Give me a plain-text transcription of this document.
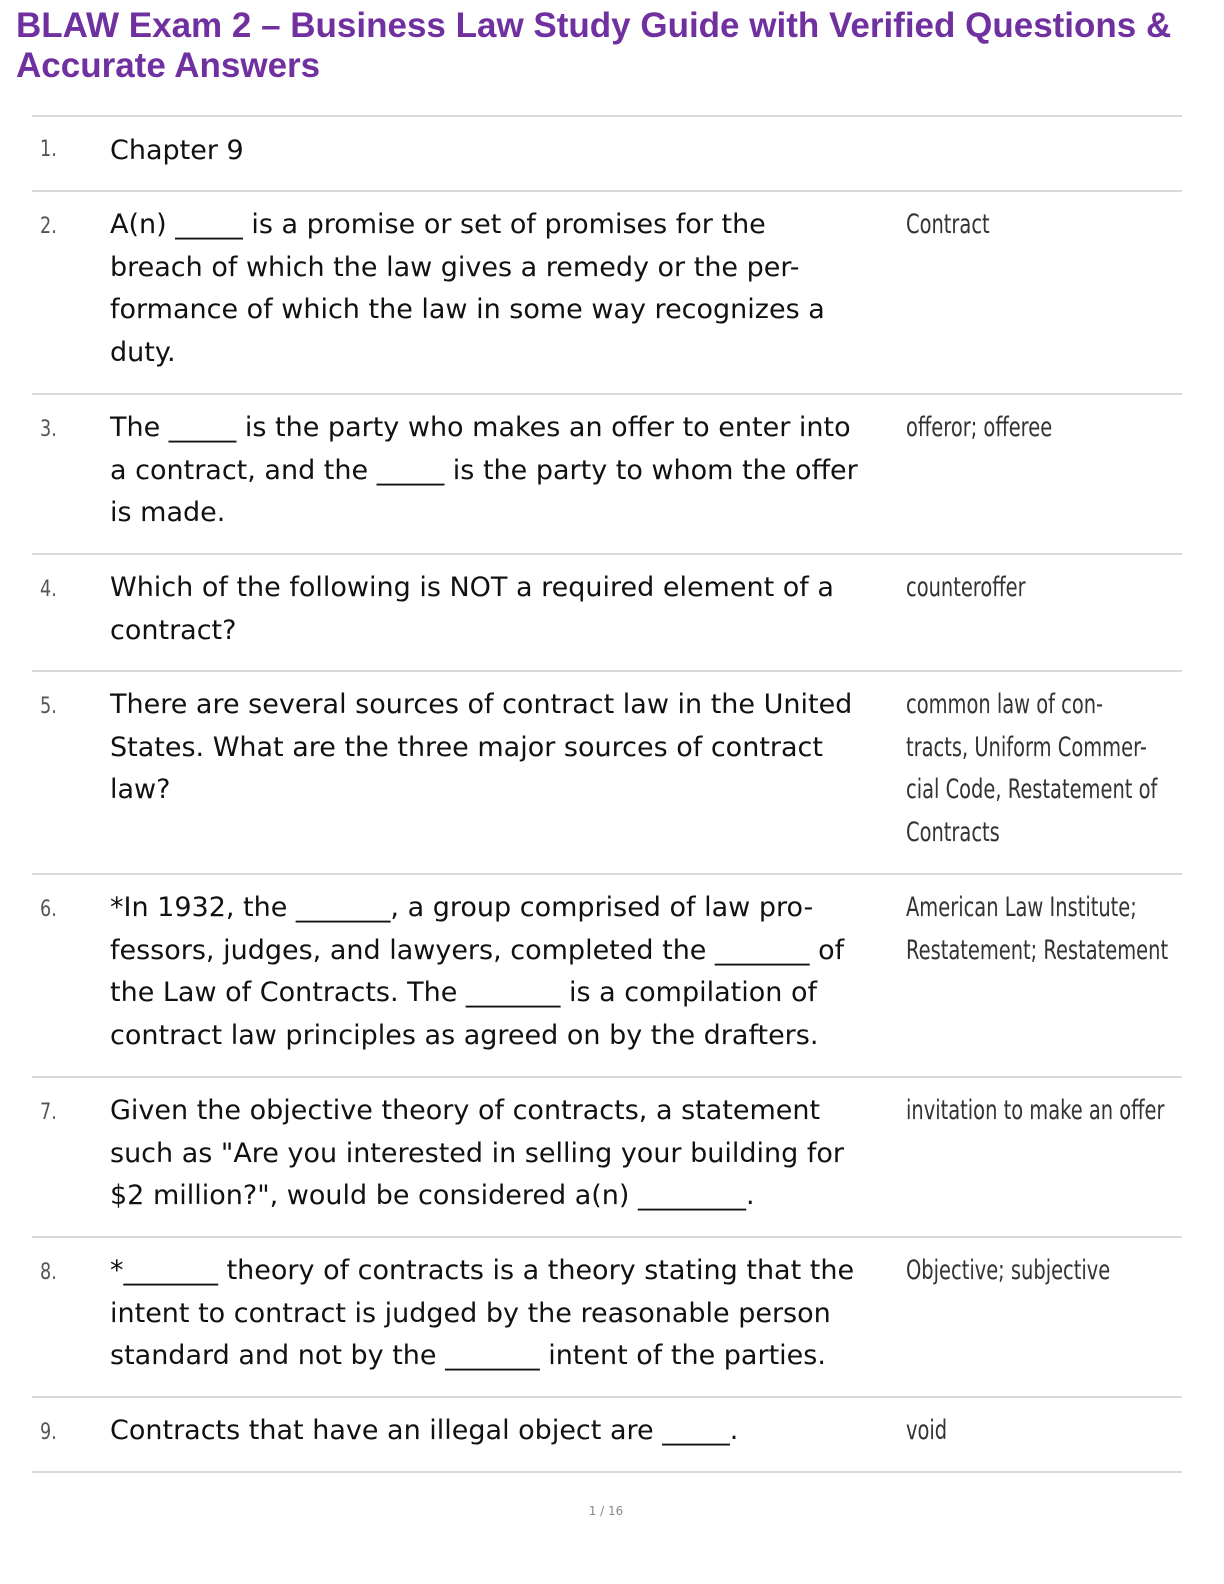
BLAW Exam 2 – Business Law Study Guide with Verified Questions &
Accurate Answers
1. Chapter 9
2. A(n) _____ is a promise or set of promises for the
breach of which the law gives a remedy or the per-
formance of which the law in some way recognizes a
duty.
Contract
3. The _____ is the party who makes an offer to enter into
a contract, and the _____ is the party to whom the offer
is made.
offeror; offeree
4. Which of the following is NOT a required element of a
contract?
counteroffer
5. There are several sources of contract law in the United
States. What are the three major sources of contract
law?
common law of con-
tracts, Uniform Commer-
cial Code, Restatement of
Contracts
6. *In 1932, the _______, a group comprised of law pro-
fessors, judges, and lawyers, completed the _______ of
the Law of Contracts. The _______ is a compilation of
contract law principles as agreed on by the drafters.
American Law Institute;
Restatement; Restatement
7. Given the objective theory of contracts, a statement
such as "Are you interested in selling your building for
$2 million?", would be considered a(n) ________.
invitation to make an offer
8. *_______ theory of contracts is a theory stating that the
intent to contract is judged by the reasonable person
standard and not by the _______ intent of the parties.
Objective; subjective
9. Contracts that have an illegal object are _____.	void
1 / 16
